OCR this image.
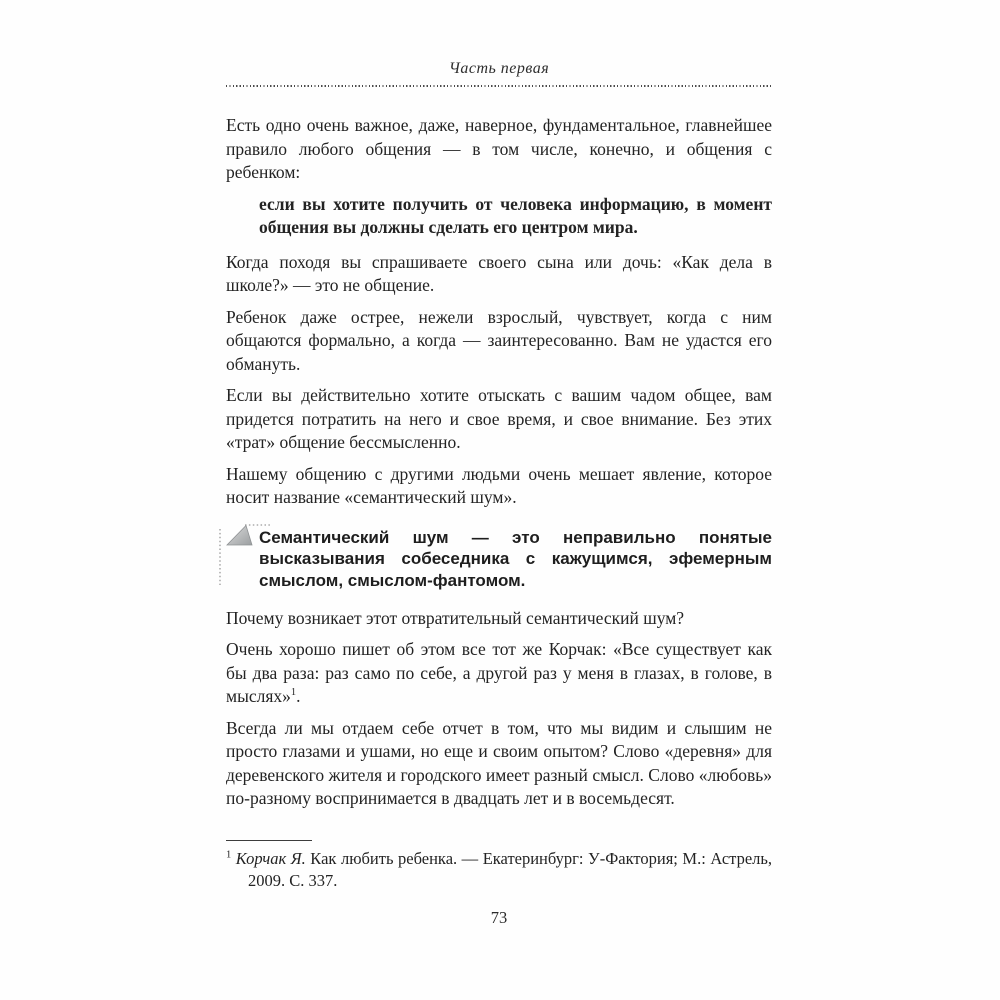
Часть первая

Есть одно очень важное, даже, наверное, фундаментальное, главнейшее правило любого общения — в том числе, конечно, и общения с ребенком:

если вы хотите получить от человека информацию, в момент общения вы должны сделать его центром мира.

Когда походя вы спрашиваете своего сына или дочь: «Как дела в школе?» — это не общение.

Ребенок даже острее, нежели взрослый, чувствует, когда с ним общаются формально, а когда — заинтересованно. Вам не удастся его обмануть.

Если вы действительно хотите отыскать с вашим чадом общее, вам придется потратить на него и свое время, и свое внимание. Без этих «трат» общение бессмысленно.

Нашему общению с другими людьми очень мешает явление, которое носит название «семантический шум».

Семантический шум — это неправильно понятые высказывания собеседника с кажущимся, эфемерным смыслом, смыслом-фантомом.

Почему возникает этот отвратительный семантический шум?

Очень хорошо пишет об этом все тот же Корчак: «Все существует как бы два раза: раз само по себе, а другой раз у меня в глазах, в голове, в мыслях»$^1$.

Всегда ли мы отдаем себе отчет в том, что мы видим и слышим не просто глазами и ушами, но еще и своим опытом? Слово «деревня» для деревенского жителя и городского имеет разный смысл. Слово «любовь» по-разному воспринимается в двадцать лет и в восемьдесят.

$^1$ Корчак Я. Как любить ребенка. — Екатеринбург: У-Фактория; М.: Астрель, 2009. С. 337.

73
